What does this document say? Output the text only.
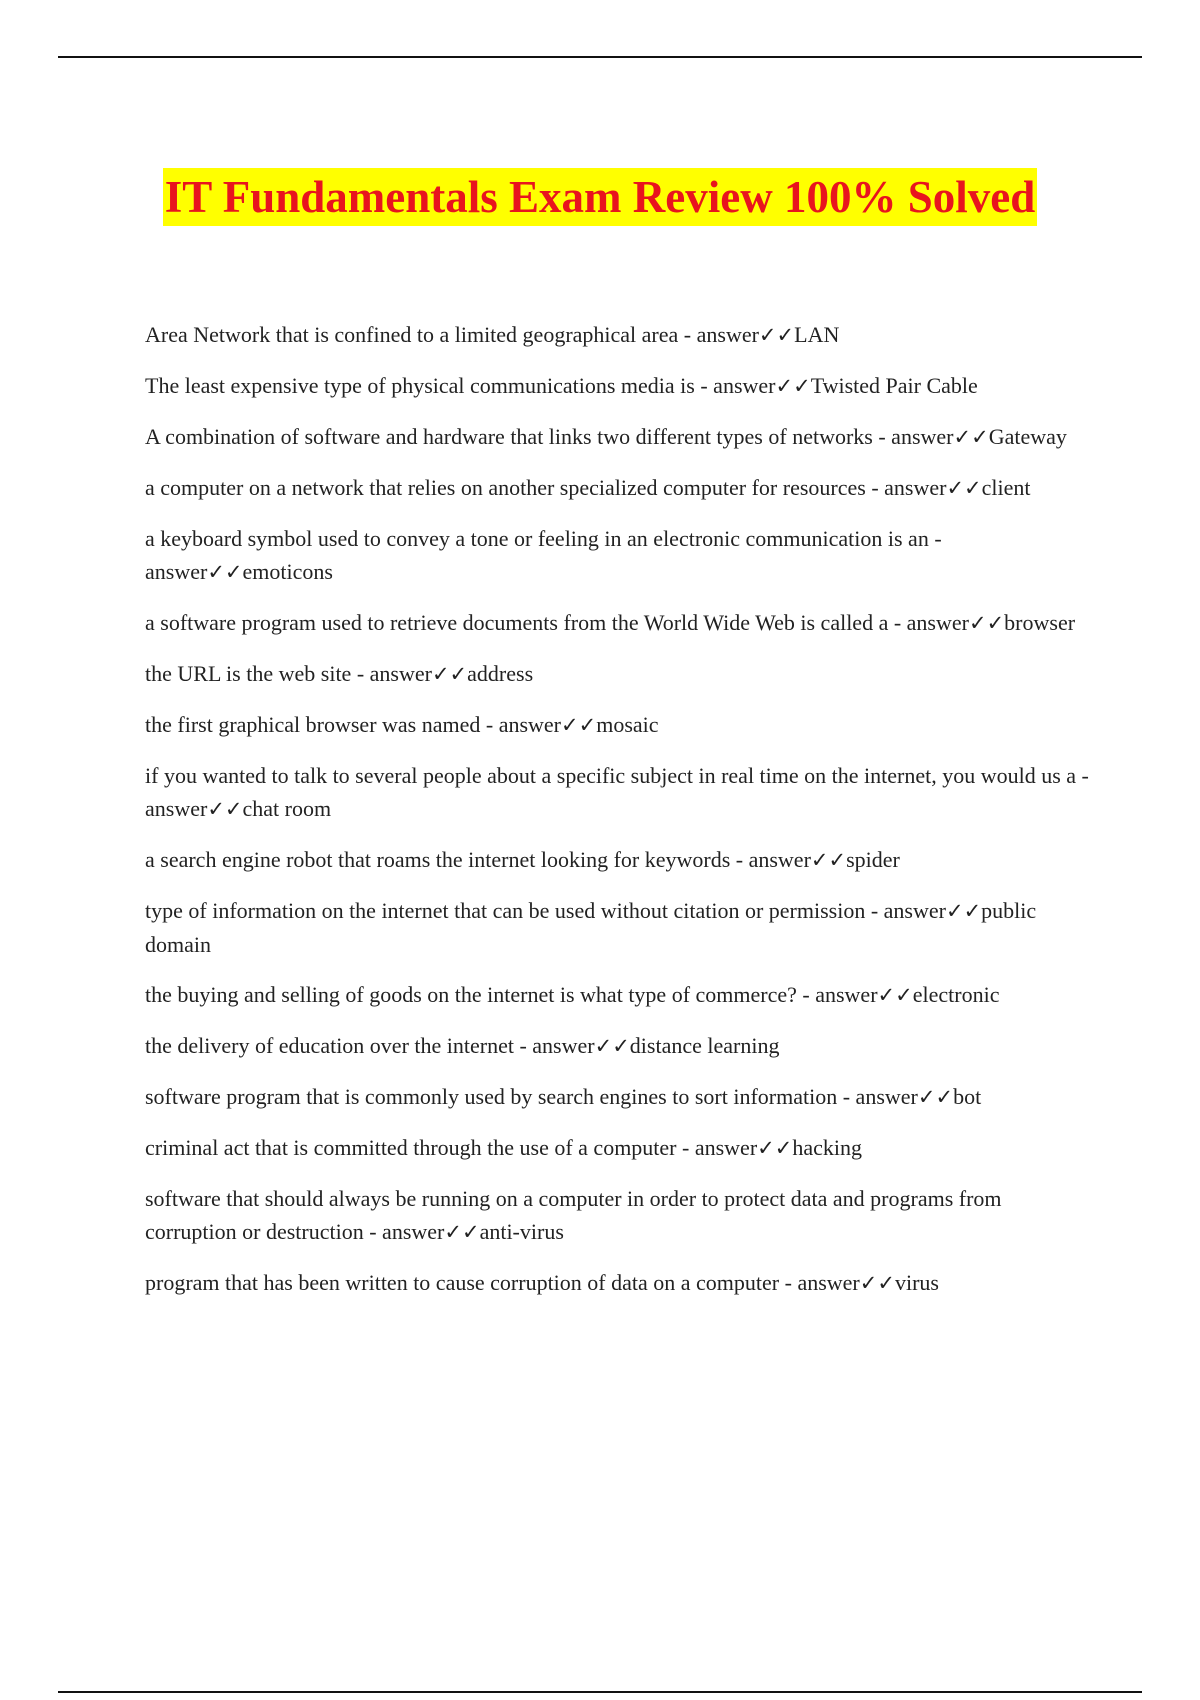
IT Fundamentals Exam Review 100% Solved
Area Network that is confined to a limited geographical area - answer✓✓LAN
The least expensive type of physical communications media is - answer✓✓Twisted Pair Cable
A combination of software and hardware that links two different types of networks - answer✓✓Gateway
a computer on a network that relies on another specialized computer for resources - answer✓✓client
a keyboard symbol used to convey a tone or feeling in an electronic communication is an - answer✓✓emoticons
a software program used to retrieve documents from the World Wide Web is called a - answer✓✓browser
the URL is the web site - answer✓✓address
the first graphical browser was named - answer✓✓mosaic
if you wanted to talk to several people about a specific subject in real time on the internet, you would us a - answer✓✓chat room
a search engine robot that roams the internet looking for keywords - answer✓✓spider
type of information on the internet that can be used without citation or permission - answer✓✓public domain
the buying and selling of goods on the internet is what type of commerce? - answer✓✓electronic
the delivery of education over the internet - answer✓✓distance learning
software program that is commonly used by search engines to sort information - answer✓✓bot
criminal act that is committed through the use of a computer - answer✓✓hacking
software that should always be running on a computer in order to protect data and programs from corruption or destruction - answer✓✓anti-virus
program that has been written to cause corruption of data on a computer - answer✓✓virus
